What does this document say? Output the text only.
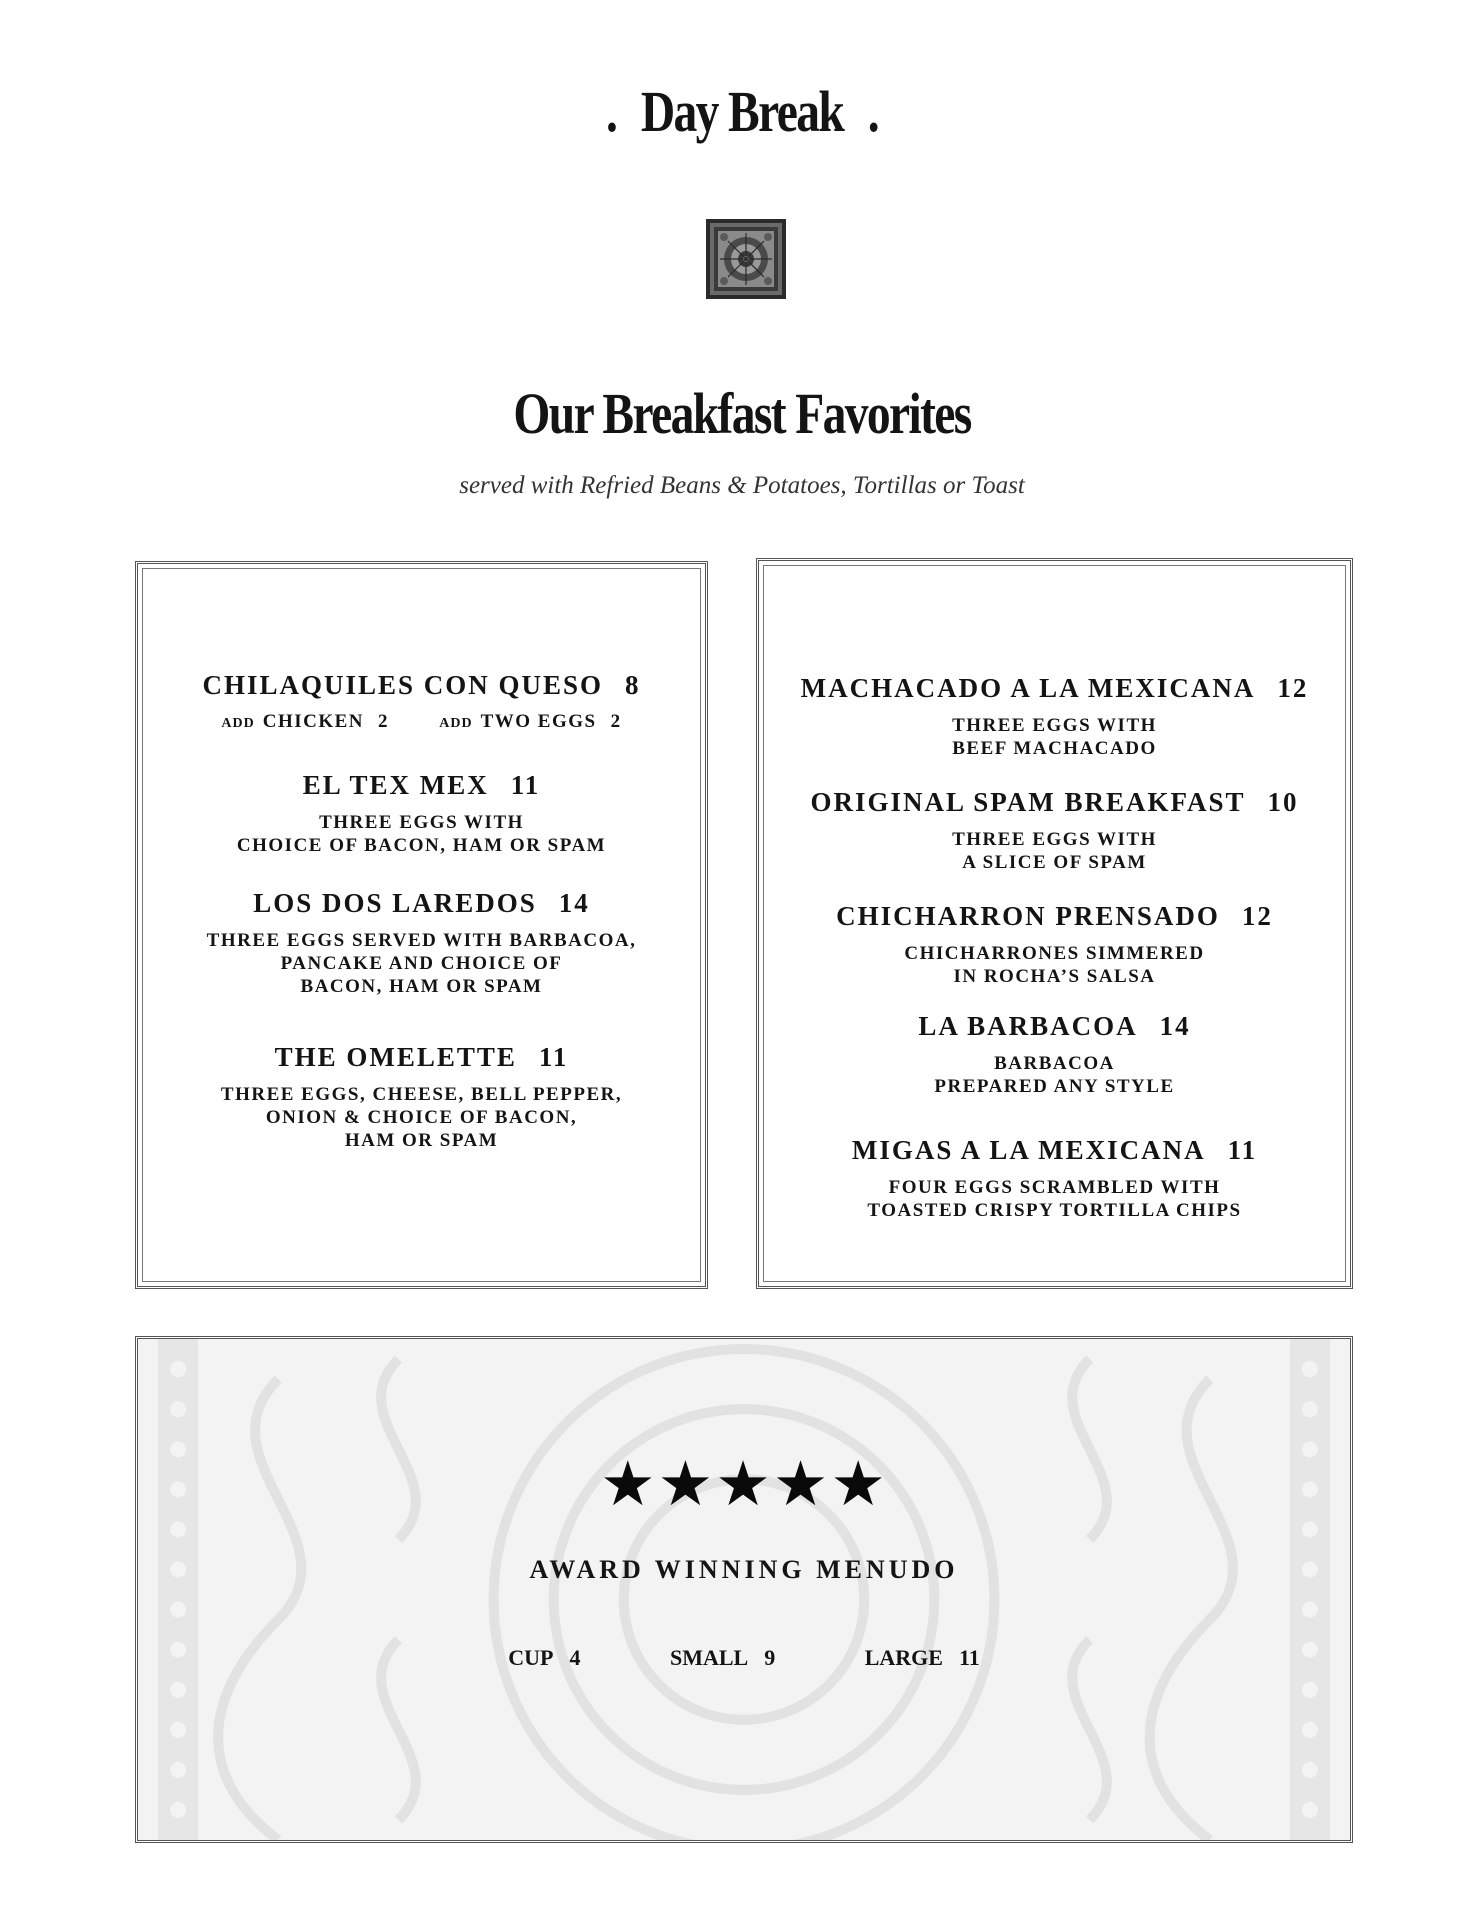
. Day Break .
Our Breakfast Favorites
served with Refried Beans & Potatoes, Tortillas or Toast
CHILAQUILES CON QUESO 8
ADD CHICKEN 2	ADD TWO EGGS 2
EL TEX MEX 11
THREE EGGS WITH
CHOICE OF BACON, HAM OR SPAM
LOS DOS LAREDOS 14
THREE EGGS SERVED WITH BARBACOA,
PANCAKE AND CHOICE OF
BACON, HAM OR SPAM
THE OMELETTE 11
THREE EGGS, CHEESE, BELL PEPPER,
ONION & CHOICE OF BACON,
HAM OR SPAM
MACHACADO A LA MEXICANA 12
THREE EGGS WITH
BEEF MACHACADO
ORIGINAL SPAM BREAKFAST 10
THREE EGGS WITH
A SLICE OF SPAM
CHICHARRON PRENSADO 12
CHICHARRONES SIMMERED
IN ROCHA’S SALSA
LA BARBACOA 14
BARBACOA
PREPARED ANY STYLE
MIGAS A LA MEXICANA 11
FOUR EGGS SCRAMBLED WITH
TOASTED CRISPY TORTILLA CHIPS
★★★★★
AWARD WINNING MENUDO
CUP 4	SMALL 9	LARGE 11
